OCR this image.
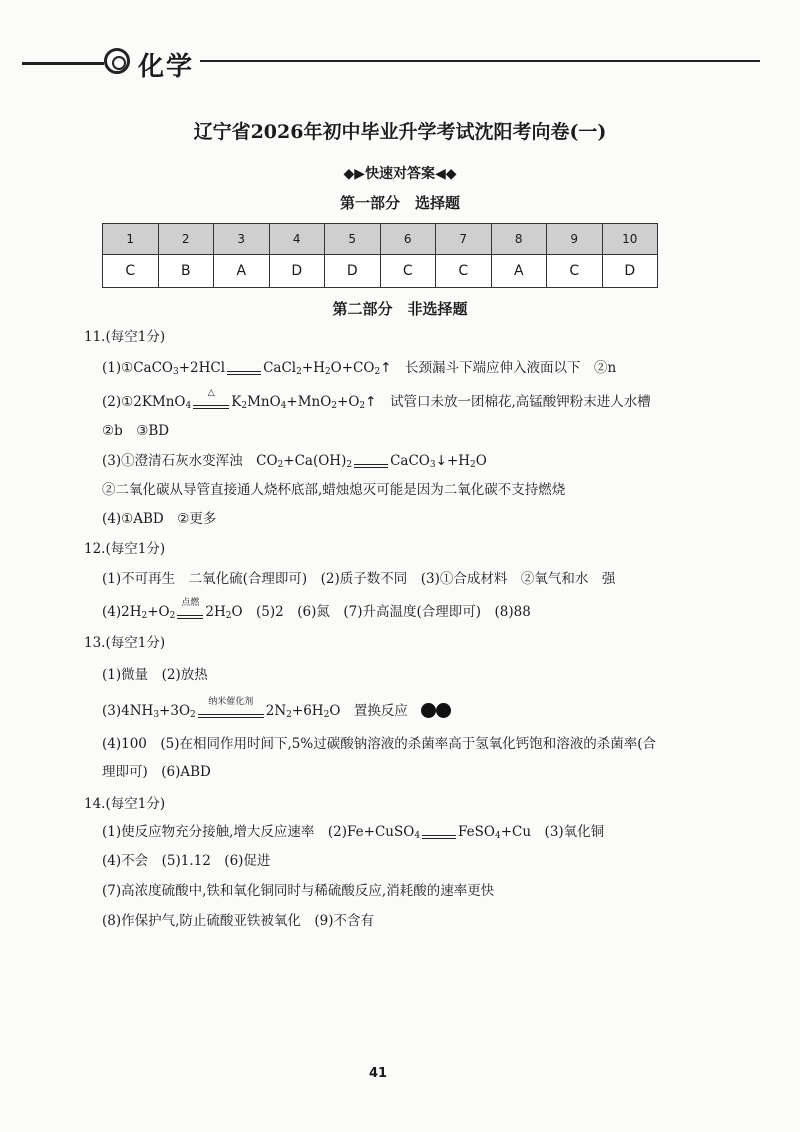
化学
辽宁省2026年初中毕业升学考试沈阳考向卷(一)
◆▶快速对答案◀◆
第一部分　选择题
1	2	3	4	5	6	7	8	9	10
C	B	A	D	D	C	C	A	C	D
第二部分　非选择题
11.(每空1分)
(1)①CaCO$_3$+2HCl	$CaCl_2+H_2O+CO_2↑$　 长颈漏斗下端应伸入液面以下　②n
(2)①2KMnO$_4$
△
$K_2MnO_4+MnO_2+O_2↑$　 试管口未放一团棉花,高锰酸钾粉末进人水槽
②b　③BD
(3)①澄清石灰水变浑浊　$CO_2+Ca(OH)_2$	$CaCO_3↓+H_2O$
②二氧化碳从导管直接通人烧杯底部,蜡烛熄灭可能是因为二氧化碳不支持燃烧
(4)①ABD　②更多
12.(每空1分)
(1)不可再生　二氧化硫(合理即可)　(2)质子数不同　(3)①合成材料　②氧气和水　强
$(4)2H_2+O_2$
点燃
$2H_2O$　(5)2　(6)氮　(7)升高温度(合理即可)　(8)88
13.(每空1分)
(1)微量　(2)放热
$(3)4NH_3+3O_2$
纳米催化剂
$2N_2+6H_2O$　置换反应　
(4)100　(5)在相同作用时间下,5%过碳酸钠溶液的杀菌率高于氢氧化钙饱和溶液的杀菌率(合
理即可)　(6)ABD
14.(每空1分)
(1)使反应物充分接触,增大反应速率　(2)Fe+CuSO$_4$	FeSO$_4$+Cu　(3)氧化铜
(4)不会　(5)1.12　(6)促进
(7)高浓度硫酸中,铁和氧化铜同时与稀硫酸反应,消耗酸的速率更快
(8)作保护气,防止硫酸亚铁被氧化　(9)不含有
41
